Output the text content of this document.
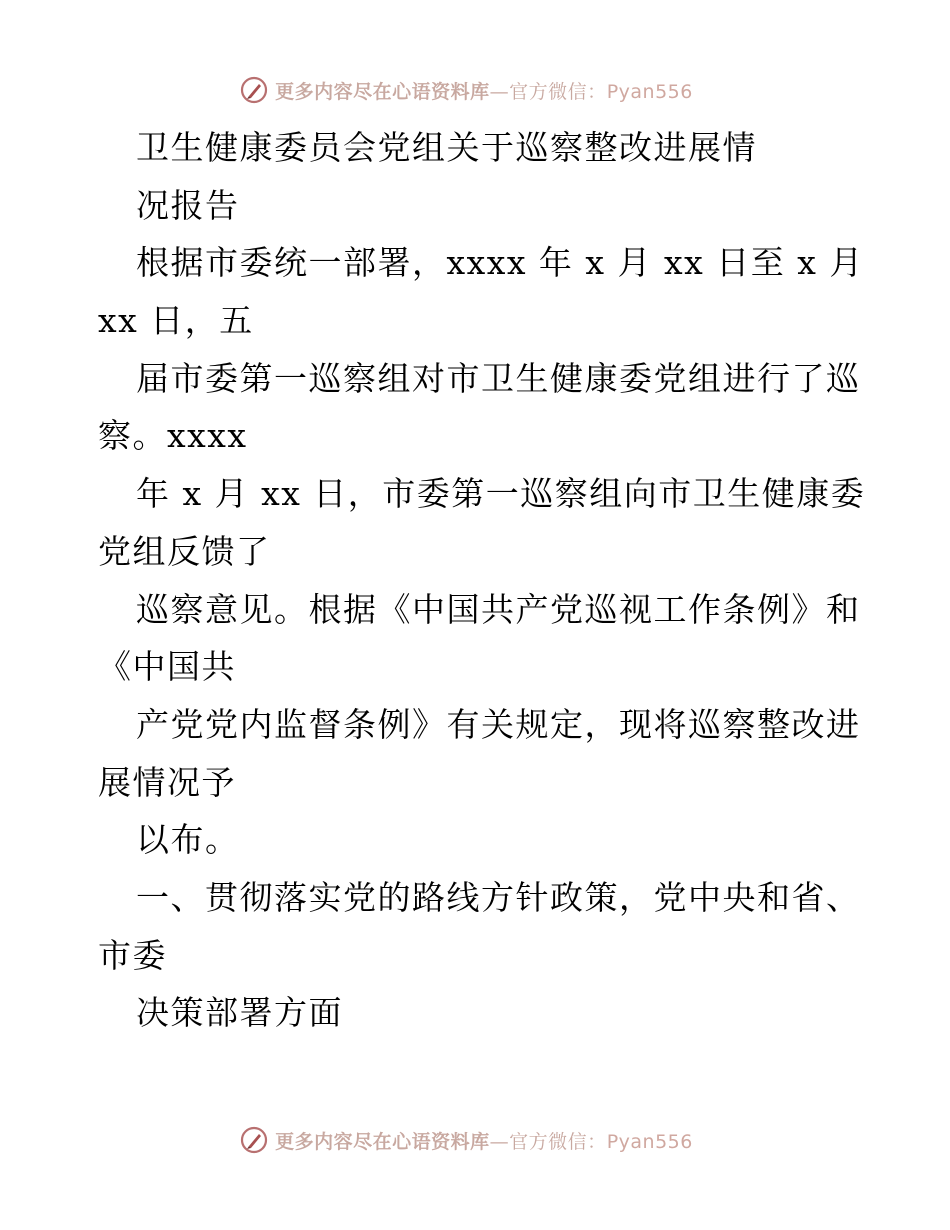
更多内容尽在心语资料库—官方微信：Pyan556
卫生健康委员会党组关于巡察整改进展情
况报告
根据市委统一部署，xxxx 年 x 月 xx 日至 x 月
xx 日，五
届市委第一巡察组对市卫生健康委党组进行了巡
察。xxxx
年 x 月 xx 日，市委第一巡察组向市卫生健康委
党组反馈了
巡察意见。根据《中国共产党巡视工作条例》和
《中国共
产党党内监督条例》有关规定，现将巡察整改进
展情况予
以布。
一、贯彻落实党的路线方针政策，党中央和省、
市委
决策部署方面
更多内容尽在心语资料库—官方微信：Pyan556
